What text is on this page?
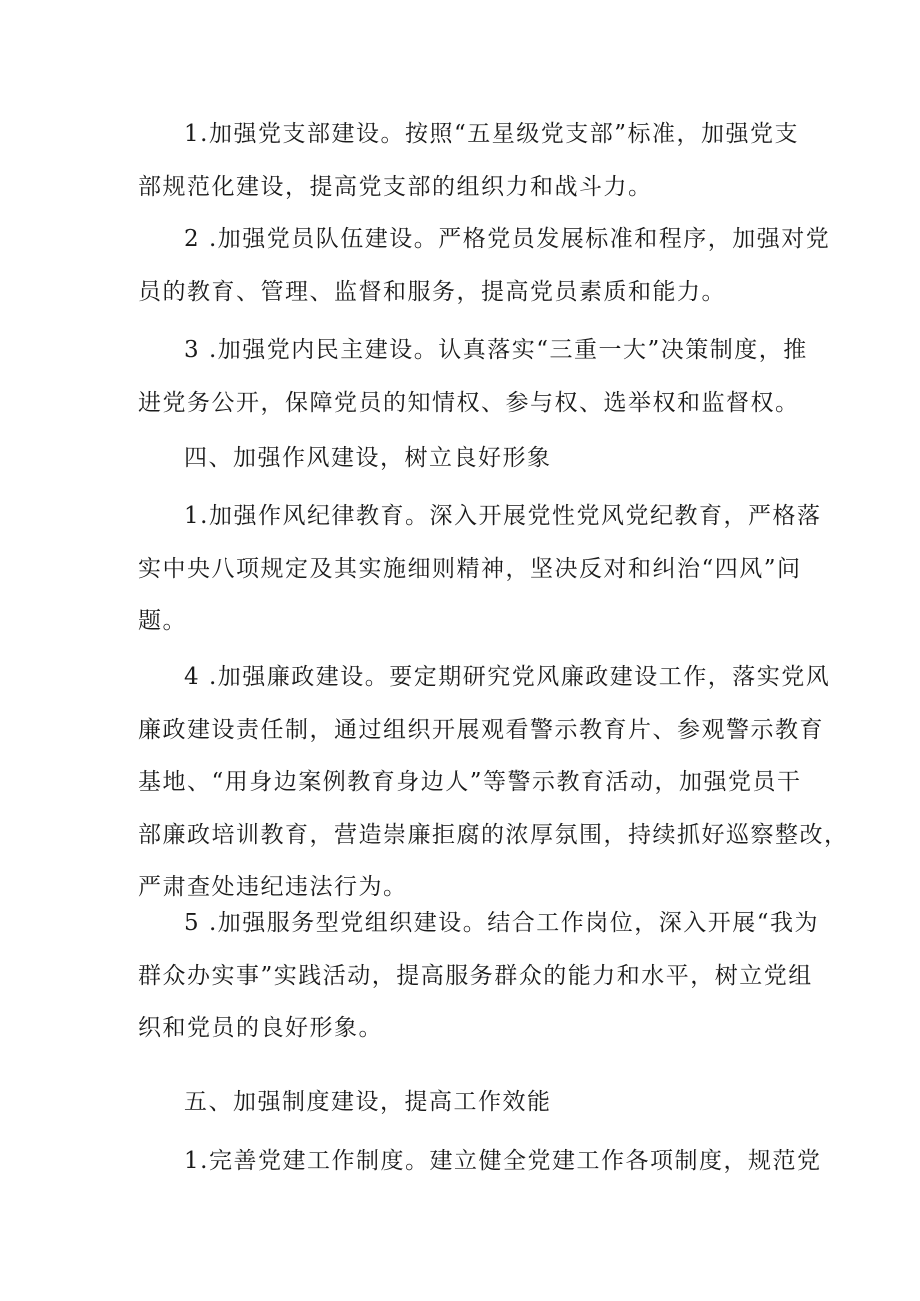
1.加强党支部建设。按照“五星级党支部”标准，加强党支
部规范化建设，提高党支部的组织力和战斗力。
2 .加强党员队伍建设。严格党员发展标准和程序，加强对党
员的教育、管理、监督和服务，提高党员素质和能力。
3 .加强党内民主建设。认真落实“三重一大”决策制度，推
进党务公开，保障党员的知情权、参与权、选举权和监督权。
四、加强作风建设，树立良好形象
1.加强作风纪律教育。深入开展党性党风党纪教育，严格落
实中央八项规定及其实施细则精神，坚决反对和纠治“四风”问
题。
4 .加强廉政建设。要定期研究党风廉政建设工作，落实党风
廉政建设责任制，通过组织开展观看警示教育片、参观警示教育
基地、“用身边案例教育身边人”等警示教育活动，加强党员干
部廉政培训教育，营造崇廉拒腐的浓厚氛围，持续抓好巡察整改，
严肃查处违纪违法行为。
5 .加强服务型党组织建设。结合工作岗位，深入开展“我为
群众办实事”实践活动，提高服务群众的能力和水平，树立党组
织和党员的良好形象。
五、加强制度建设，提高工作效能
1.完善党建工作制度。建立健全党建工作各项制度，规范党
